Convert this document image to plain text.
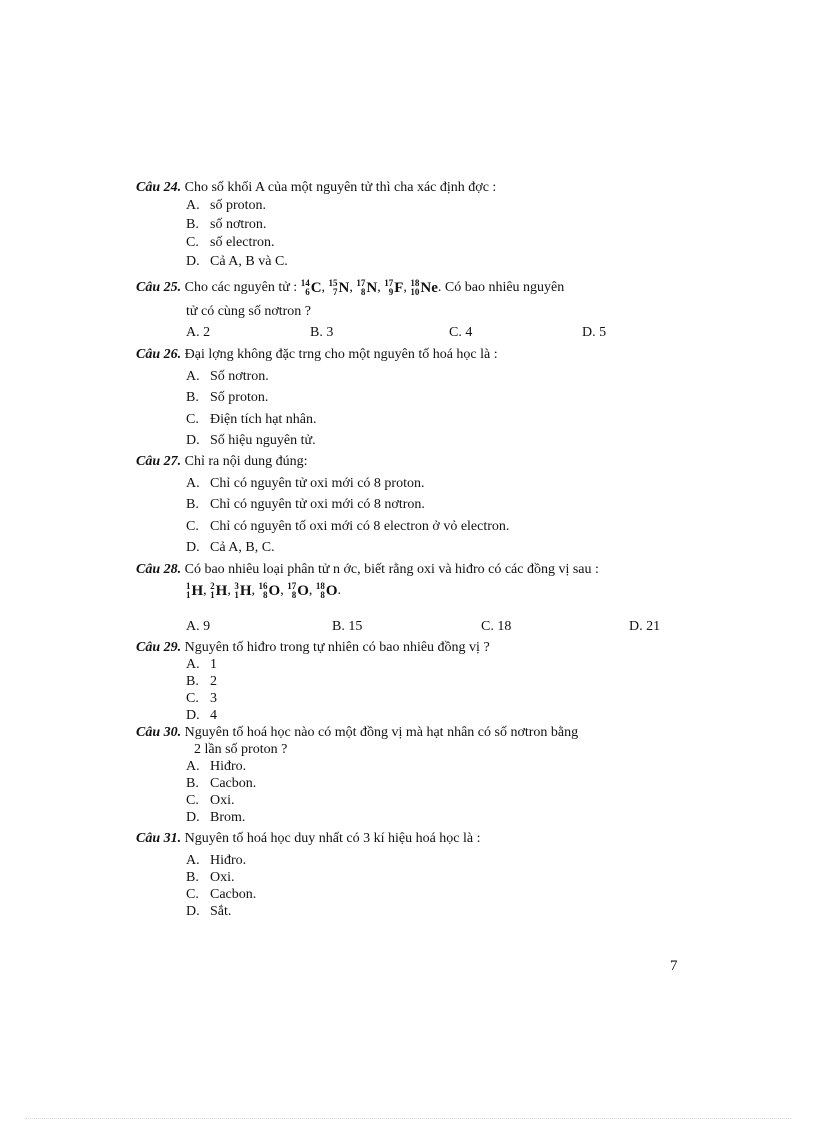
Câu 24. Cho số khối A của một nguyên tử thì cha xác định đợc :
A. số proton.
B. số nơtron.
C. số electron.
D. Cả A, B và C.
Câu 25. Cho các nguyên tử : 14
6 C , 15
7 N , 17
8 N , 17
9 F , 18
10 Ne . Có bao nhiêu nguyên
tử có cùng số nơtron ?
A. 2	B. 3	C. 4	D. 5
Câu 26. Đại lợng không đặc trng cho một nguyên tố hoá học là :
A. Số nơtron.
B. Số proton.
C. Điện tích hạt nhân.
D. Số hiệu nguyên tử.
Câu 27. Chỉ ra nội dung đúng:
A. Chỉ có nguyên tử oxi mới có 8 proton.
B. Chỉ có nguyên tử oxi mới có 8 nơtron.
C. Chỉ có nguyên tố oxi mới có 8 electron ở vỏ electron.
D. Cả A, B, C.
Câu 28. Có bao nhiêu loại phân tử n ớc, biết rằng oxi và hiđro có các đồng vị sau :
1
1 H , 2
1 H , 3
1 H , 16
8 O , 17
8 O , 18
8 O .
A. 9	B. 15	C. 18	D. 21
Câu 29. Nguyên tố hiđro trong tự nhiên có bao nhiêu đồng vị ?
A. 1
B. 2
C. 3
D. 4
Câu 30. Nguyên tố hoá học nào có một đồng vị mà hạt nhân có số nơtron bằng
2 lần số proton ?
A. Hiđro.
B. Cacbon.
C. Oxi.
D. Brom.
Câu 31. Nguyên tố hoá học duy nhất có 3 kí hiệu hoá học là :
A. Hiđro.
B. Oxi.
C. Cacbon.
D. Sắt.
7
